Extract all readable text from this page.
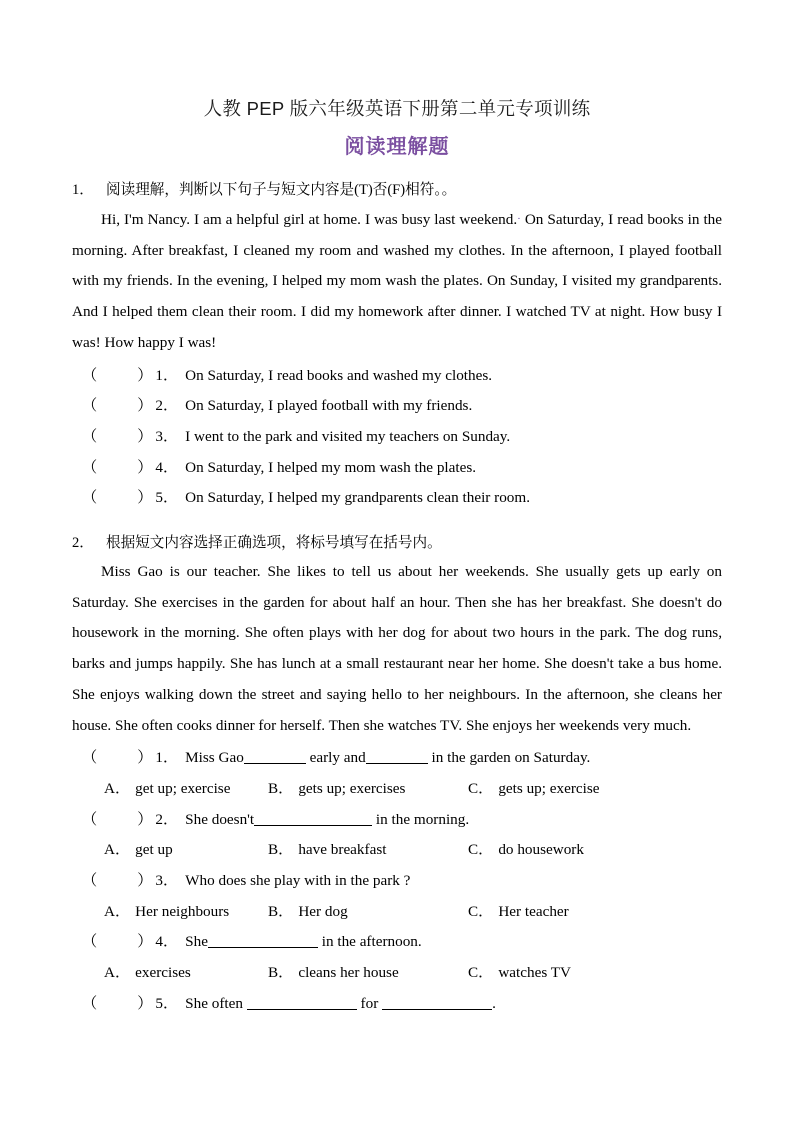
人教 PEP 版六年级英语下册第二单元专项训练
阅读理解题
1． 阅读理解，判断以下句子与短文内容是(T)否(F)相符。。
Hi, I'm Nancy. I am a helpful girl at home. I was busy last weekend.· On Saturday, I read books in the morning. After breakfast, I cleaned my room and washed my clothes. In the afternoon, I played football with my friends. In the evening, I helped my mom wash the plates. On Sunday, I visited my grandparents. And I helped them clean their room. I did my homework after dinner. I watched TV at night. How busy I was! How happy I was!
（	） 1． On Saturday, I read books and washed my clothes.
（	） 2． On Saturday, I played football with my friends.
（	） 3． I went to the park and visited my teachers on Sunday.
（	） 4． On Saturday, I helped my mom wash the plates.
（	） 5． On Saturday, I helped my grandparents clean their room.
2． 根据短文内容选择正确选项，将标号填写在括号内。
Miss Gao is our teacher. She likes to tell us about her weekends. She usually gets up early on Saturday. She exercises in the garden for about half an hour. Then she has her breakfast. She doesn't do housework in the morning. She often plays with her dog for about two hours in the park. The dog runs, barks and jumps happily. She has lunch at a small restaurant near her home. She doesn't take a bus home. She enjoys walking down the street and saying hello to her neighbours. In the afternoon, she cleans her house. She often cooks dinner for herself. Then she watches TV. She enjoys her weekends very much.
（	） 1． Miss Gao	early and	in the garden on Saturday.
A． get up; exercise B． gets up; exercises	C． gets up; exercise
（	） 2． She doesn't	in the morning.
A． get up	B． have breakfast	C． do housework
（	） 3． Who does she play with in the park ?
A． Her neighbours	B． Her dog	C． Her teacher
（	） 4． She	in the afternoon.
A． exercises	B． cleans her house	C． watches TV
（	） 5． She often	for	.
